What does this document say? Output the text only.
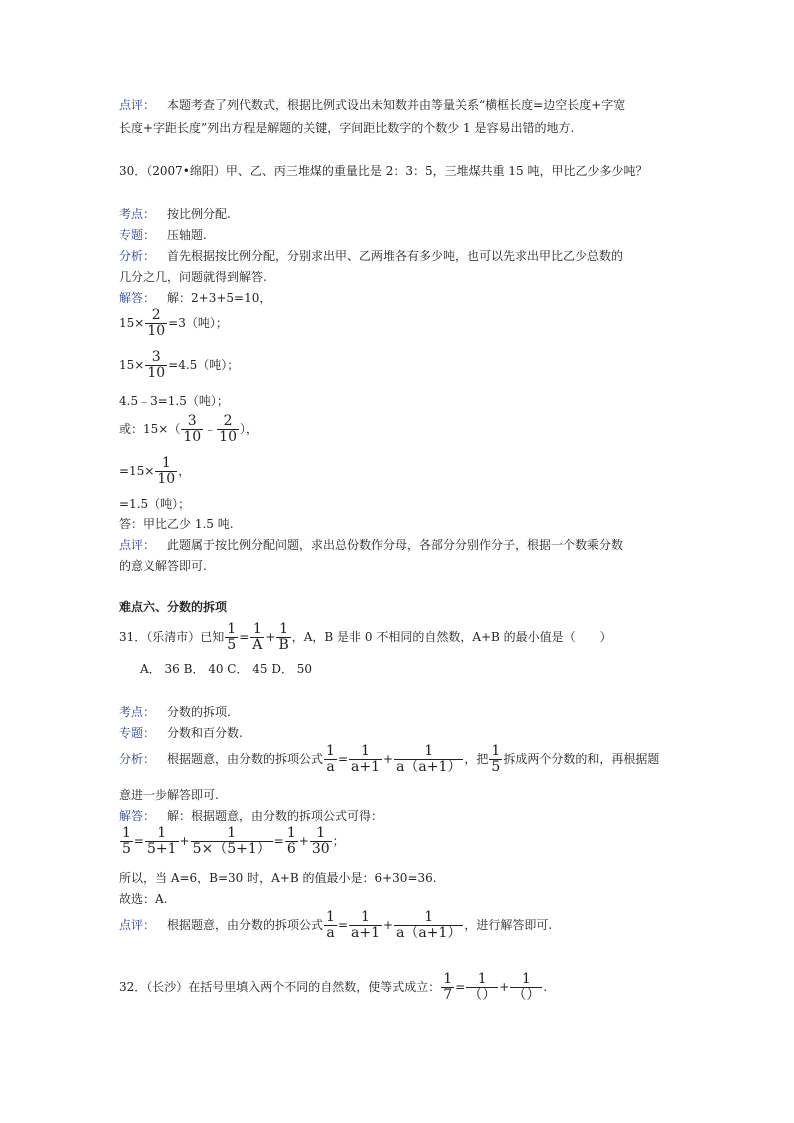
点评： 本题考查了列代数式，根据比例式设出未知数并由等量关系“横框长度=边空长度+字宽
长度+字距长度”列出方程是解题的关键，字间距比数字的个数少 1 是容易出错的地方.
30．（2007•绵阳）甲、乙、丙三堆煤的重量比是 2：3：5，三堆煤共重 15 吨，甲比乙少多少吨？
考点： 按比例分配.
专题： 压轴题.
分析： 首先根据按比例分配，分别求出甲、乙两堆各有多少吨，也可以先求出甲比乙少总数的
几分之几，问题就得到解答.
解答： 解：2+3+5=10，
$15\times \frac{2}{10} =3$（吨）；
$15\times \frac{3}{10} =4.5$（吨）；
4.5﹣3=1.5（吨）；
或：$15\times( \frac{3}{10}$ ﹣ $\frac{2}{10}$ ），
$=15\times \frac{1}{10}$ ，
=1.5（吨）；
答：甲比乙少 1.5 吨.
点评： 此题属于按比例分配问题，求出总份数作分母，各部分分别作分子，根据一个数乘分数
的意义解答即可.
难点六、分数的拆项
31．（乐清市）已知 $\frac{1}{5} = \frac{1}{A} + \frac{1}{B}$ ，A，B 是非 0 不相同的自然数，A+B 的最小值是（　　）
A． 36 B． 40 C． 45 D． 50
考点： 分数的拆项.
专题： 分数和百分数.
分析： 根据题意，由分数的拆项公式 $\frac{1}{a} = \frac{1}{a+1} + \frac{1}{a(a+1)}$ ，把 $\frac{1}{5}$ 拆成两个分数的和，再根据题
意进一步解答即可.
解答： 解：根据题意，由分数的拆项公式可得：
$\frac{1}{5} = \frac{1}{5+1} + \frac{1}{5\times(5+1)} = \frac{1}{6} + \frac{1}{30}$ ；
所以，当 A=6，B=30 时，A+B 的值最小是：6+30=36.
故选：A.
点评： 根据题意，由分数的拆项公式 $\frac{1}{a} = \frac{1}{a+1} + \frac{1}{a(a+1)}$ ，进行解答即可.
32．（长沙）在括号里填入两个不同的自然数，使等式成立： $\frac{1}{7} = \frac{1}{()} + \frac{1}{()}$ .
